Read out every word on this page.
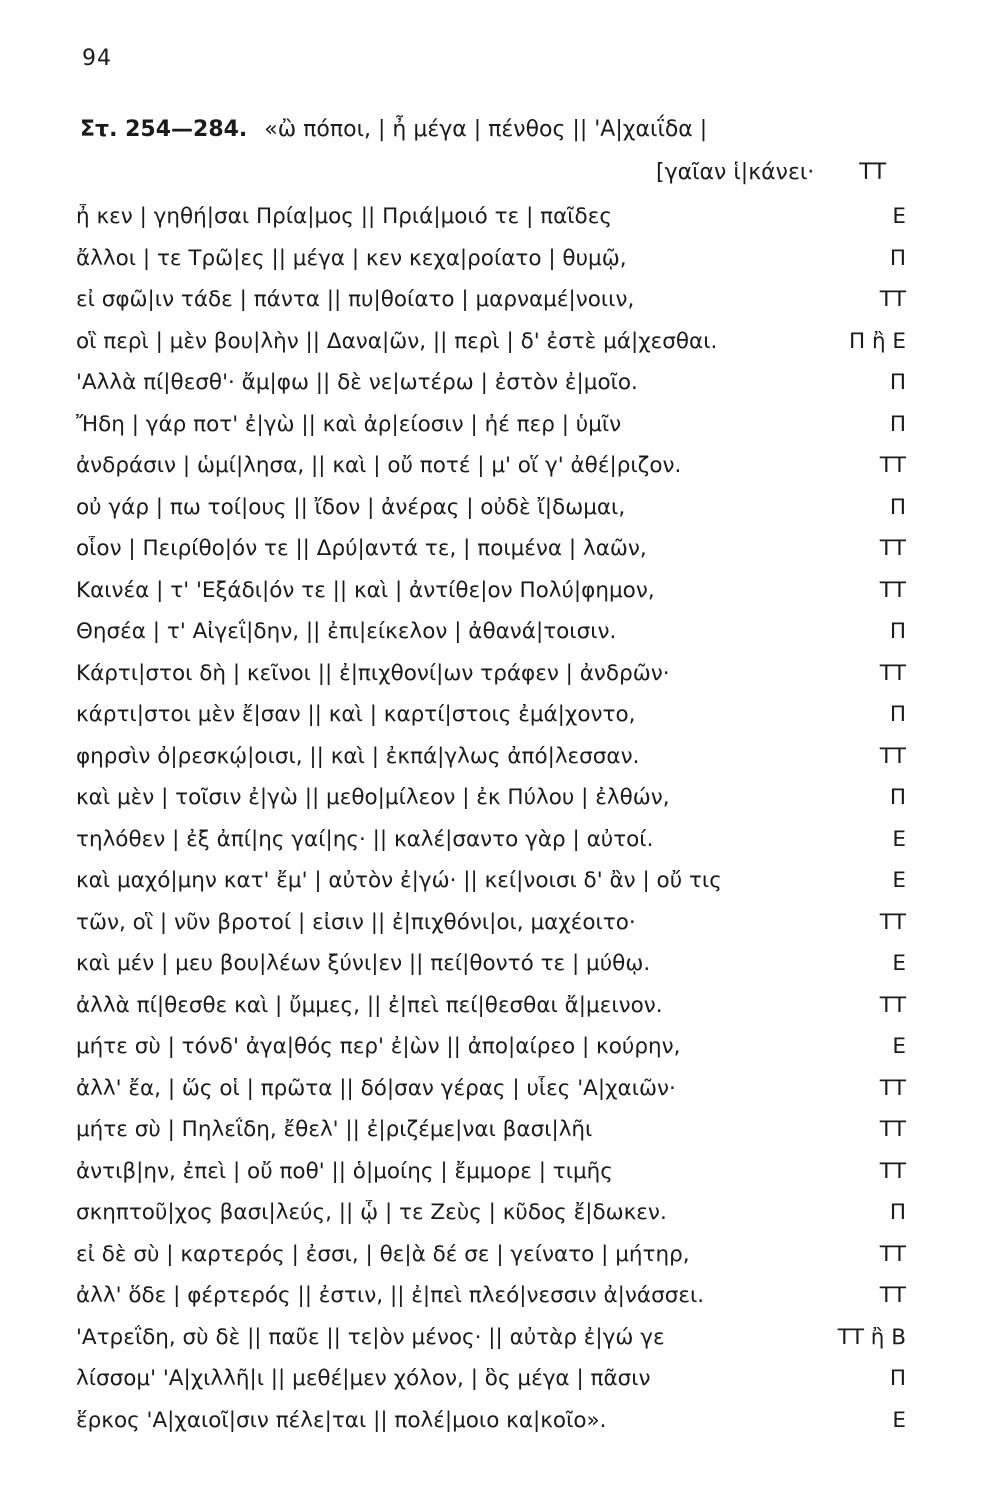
94
Στ. 254—284. «ὢ πόποι, | ἦ μέγα | πένθος || 'Α|χαιΐδα |
[γαῖαν ἱ|κάνει· ΤΤ
ἦ κεν | γηθή|σαι Πρία|μος || Πριά|μοιό τε | παῖδες	Ε
ἄλλοι | τε Τρῶ|ες || μέγα | κεν κεχα|ροίατο | θυμῷ,	Π
εἰ σφῶ|ιν τάδε | πάντα || πυ|θοίατο | μαρναμέ|νοιιν,	ΤΤ
οἳ περὶ | μὲν βου|λὴν || Δανα|ῶν, || περὶ | δ' ἐστὲ μά|χεσθαι.	Π ἢ Ε
'Αλλὰ πί|θεσθ'· ἄμ|φω || δὲ νε|ωτέρω | ἐστὸν ἐ|μοῖο.	Π
Ἤδη | γάρ ποτ' ἐ|γὼ || καὶ ἀρ|είοσιν | ἠέ περ | ὑμῖν	Π
ἀνδράσιν | ὡμί|λησα, || καὶ | οὔ ποτέ | μ' οἵ γ' ἀθέ|ριζον.	ΤΤ
οὐ γάρ | πω τοί|ους || ἴδον | ἀνέρας | οὐδὲ ἴ|δωμαι,	Π
οἷον | Πειρίθο|όν τε || Δρύ|αντά τε, | ποιμένα | λαῶν,	ΤΤ
Καινέα | τ' 'Εξάδι|όν τε || καὶ | ἀντίθε|ον Πολύ|φημον,	ΤΤ
Θησέα | τ' Αἰγεΐ|δην, || ἐπι|είκελον | ἀθανά|τοισιν.	Π
Κάρτι|στοι δὴ | κεῖνοι || ἐ|πιχθονί|ων τράφεν | ἀνδρῶν·	ΤΤ
κάρτι|στοι μὲν ἔ|σαν || καὶ | καρτί|στοις ἐμά|χοντο,	Π
φηρσὶν ὀ|ρεσκῴ|οισι, || καὶ | ἐκπά|γλως ἀπό|λεσσαν.	ΤΤ
καὶ μὲν | τοῖσιν ἐ|γὼ || μεθο|μίλεον | ἐκ Πύλου | ἐλθών,	Π
τηλόθεν | ἐξ ἀπί|ης γαί|ης· || καλέ|σαντο γὰρ | αὐτοί.	Ε
καὶ μαχό|μην κατ' ἔμ' | αὐτὸν ἐ|γώ· || κεί|νοισι δ' ἂν | οὔ τις	Ε
τῶν, οἳ | νῦν βροτοί | εἰσιν || ἐ|πιχθόνι|οι, μαχέοιτο·	ΤΤ
καὶ μέν | μευ βου|λέων ξύνι|εν || πεί|θοντό τε | μύθῳ.	Ε
ἀλλὰ πί|θεσθε καὶ | ὔμμες, || ἐ|πεὶ πεί|θεσθαι ἄ|μεινον.	ΤΤ
μήτε σὺ | τόνδ' ἀγα|θός περ' ἐ|ὼν || ἀπο|αίρεο | κούρην,	Ε
ἀλλ' ἔα, | ὥς οἱ | πρῶτα || δό|σαν γέρας | υἷες 'Α|χαιῶν·	ΤΤ
μήτε σὺ | Πηλεΐδη, ἔθελ' || ἐ|ριζέμε|ναι βασι|λῆι	ΤΤ
ἀντιβ|ην, ἐπεὶ | οὔ ποθ' || ὁ|μοίης | ἔμμορε | τιμῆς	ΤΤ
σκηπτοῦ|χος βασι|λεύς, || ᾧ | τε Ζεὺς | κῦδος ἔ|δωκεν.	Π
εἰ δὲ σὺ | καρτερός | ἐσσι, | θε|ὰ δέ σε | γείνατο | μήτηρ,	ΤΤ
ἀλλ' ὅδε | φέρτερός || ἐστιν, || ἐ|πεὶ πλεό|νεσσιν ἀ|νάσσει.	ΤΤ
'Ατρεΐδη, σὺ δὲ || παῦε || τε|ὸν μένος· || αὐτὰρ ἐ|γώ γε	ΤΤ ἢ Β
λίσσομ' 'Α|χιλλῆ|ι || μεθέ|μεν χόλον, | ὃς μέγα | πᾶσιν	Π
ἕρκος 'Α|χαιοῖ|σιν πέλε|ται || πολέ|μοιο κα|κοῖο».	Ε
